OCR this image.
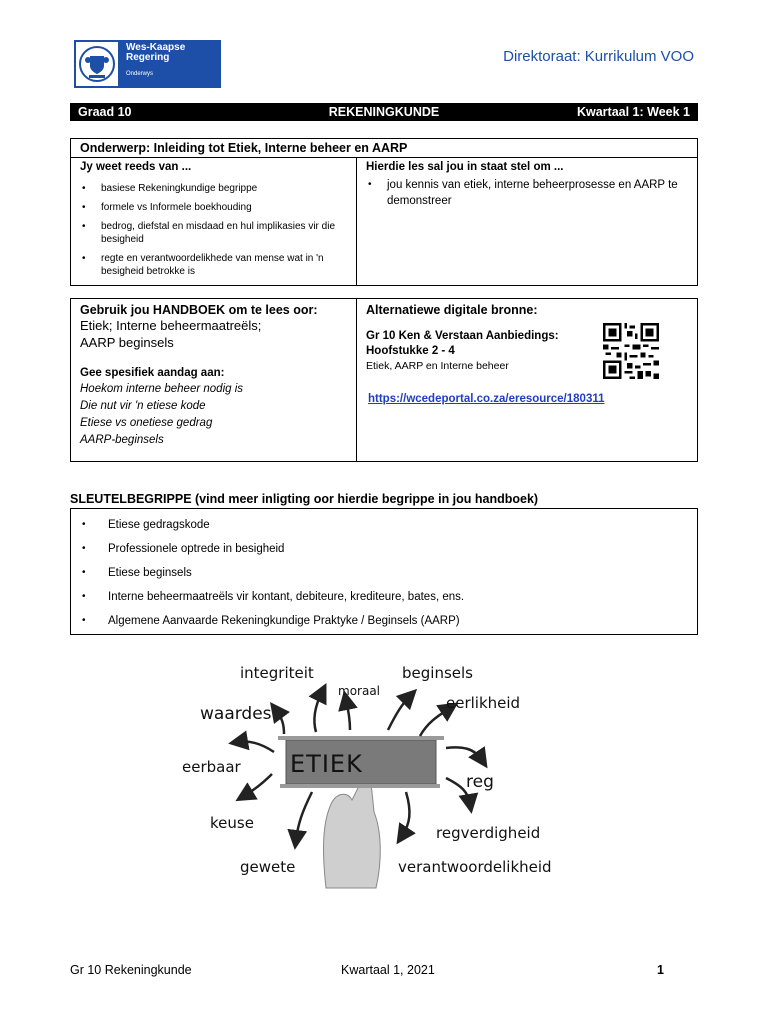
Wes-Kaapse
Regering
Onderwys
Direktoraat: Kurrikulum VOO
Graad 10	REKENINGKUNDE	Kwartaal 1: Week 1
Onderwerp: Inleiding tot Etiek, Interne beheer en AARP
Jy weet reeds van ...
• basiese Rekeningkundige begrippe
• formele vs Informele boekhouding
• bedrog, diefstal en misdaad en hul implikasies vir die besigheid
• regte en verantwoordelikhede van mense wat in 'n besigheid betrokke is
Hierdie les sal jou in staat stel om ...
• jou kennis van etiek, interne beheerprosesse en AARP te demonstreer
Gebruik jou HANDBOEK om te lees oor:
Etiek; Interne beheermaatreëls;
AARP beginsels
Gee spesifiek aandag aan:
Hoekom interne beheer nodig is
Die nut vir 'n etiese kode
Etiese vs onetiese gedrag
AARP-beginsels
Alternatiewe digitale bronne:
Gr 10 Ken & Verstaan Aanbiedings:
Hoofstukke 2 - 4
Etiek, AARP en Interne beheer
https://wcedeportal.co.za/eresource/180311
SLEUTELBEGRIPPE (vind meer inligting oor hierdie begrippe in jou handboek)
• Etiese gedragskode
• Professionele optrede in besigheid
• Etiese beginsels
• Interne beheermaatreëls vir kontant, debiteure, krediteure, bates, ens.
• Algemene Aanvaarde Rekeningkundige Praktyke / Beginsels (AARP)
ETIEK
integriteit
moraal
beginsels
waardes
eerlikheid
eerbaar
reg
keuse
regverdigheid
gewete	verantwoordelikheid
Gr 10 Rekeningkunde	Kwartaal 1, 2021	1
